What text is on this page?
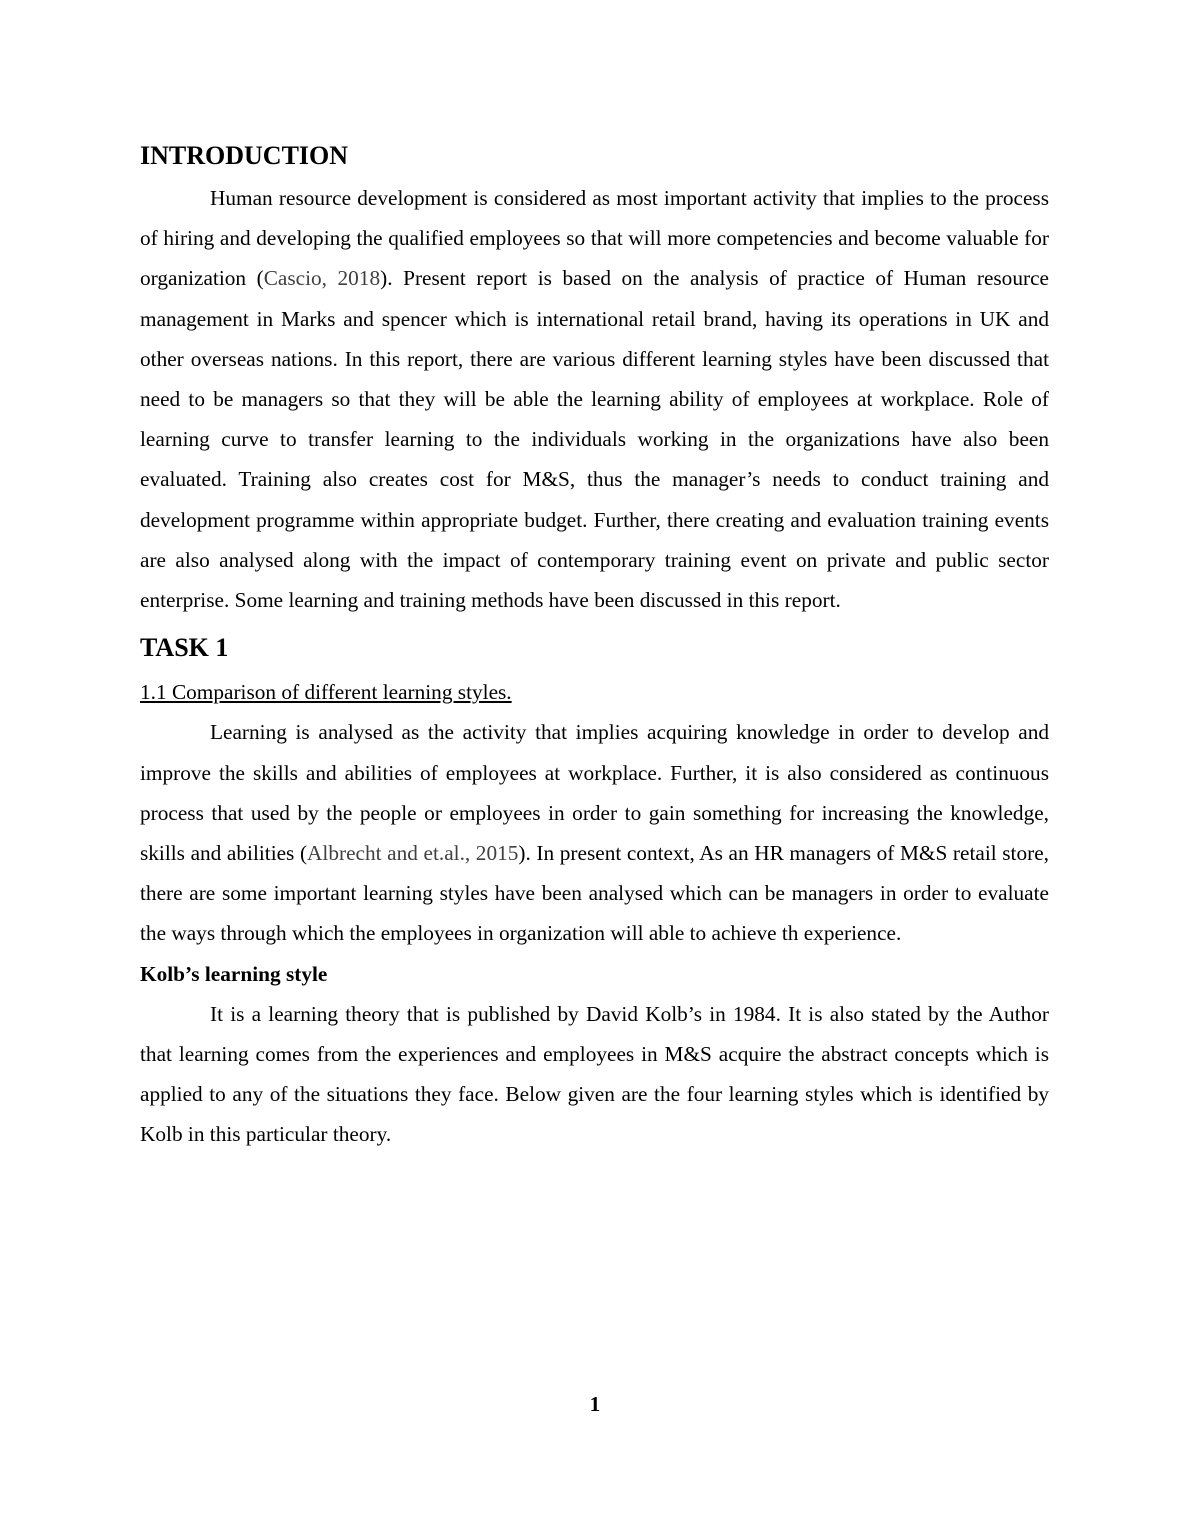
INTRODUCTION

Human resource development is considered as most important activity that implies to the process of hiring and developing the qualified employees so that will more competencies and become valuable for organization (Cascio, 2018). Present report is based on the analysis of practice of Human resource management in Marks and spencer which is international retail brand, having its operations in UK and other overseas nations. In this report, there are various different learning styles have been discussed that need to be managers so that they will be able the learning ability of employees at workplace. Role of learning curve to transfer learning to the individuals working in the organizations have also been evaluated. Training also creates cost for M&S, thus the manager’s needs to conduct training and development programme within appropriate budget. Further, there creating and evaluation training events are also analysed along with the impact of contemporary training event on private and public sector enterprise. Some learning and training methods have been discussed in this report.

TASK 1

1.1 Comparison of different learning styles.

Learning is analysed as the activity that implies acquiring knowledge in order to develop and improve the skills and abilities of employees at workplace. Further, it is also considered as continuous process that used by the people or employees in order to gain something for increasing the knowledge, skills and abilities (Albrecht and et.al., 2015). In present context, As an HR managers of M&S retail store, there are some important learning styles have been analysed which can be managers in order to evaluate the ways through which the employees in organization will able to achieve th experience.

Kolb’s learning style

It is a learning theory that is published by David Kolb’s in 1984. It is also stated by the Author that learning comes from the experiences and employees in M&S acquire the abstract concepts which is applied to any of the situations they face. Below given are the four learning styles which is identified by Kolb in this particular theory.

1
